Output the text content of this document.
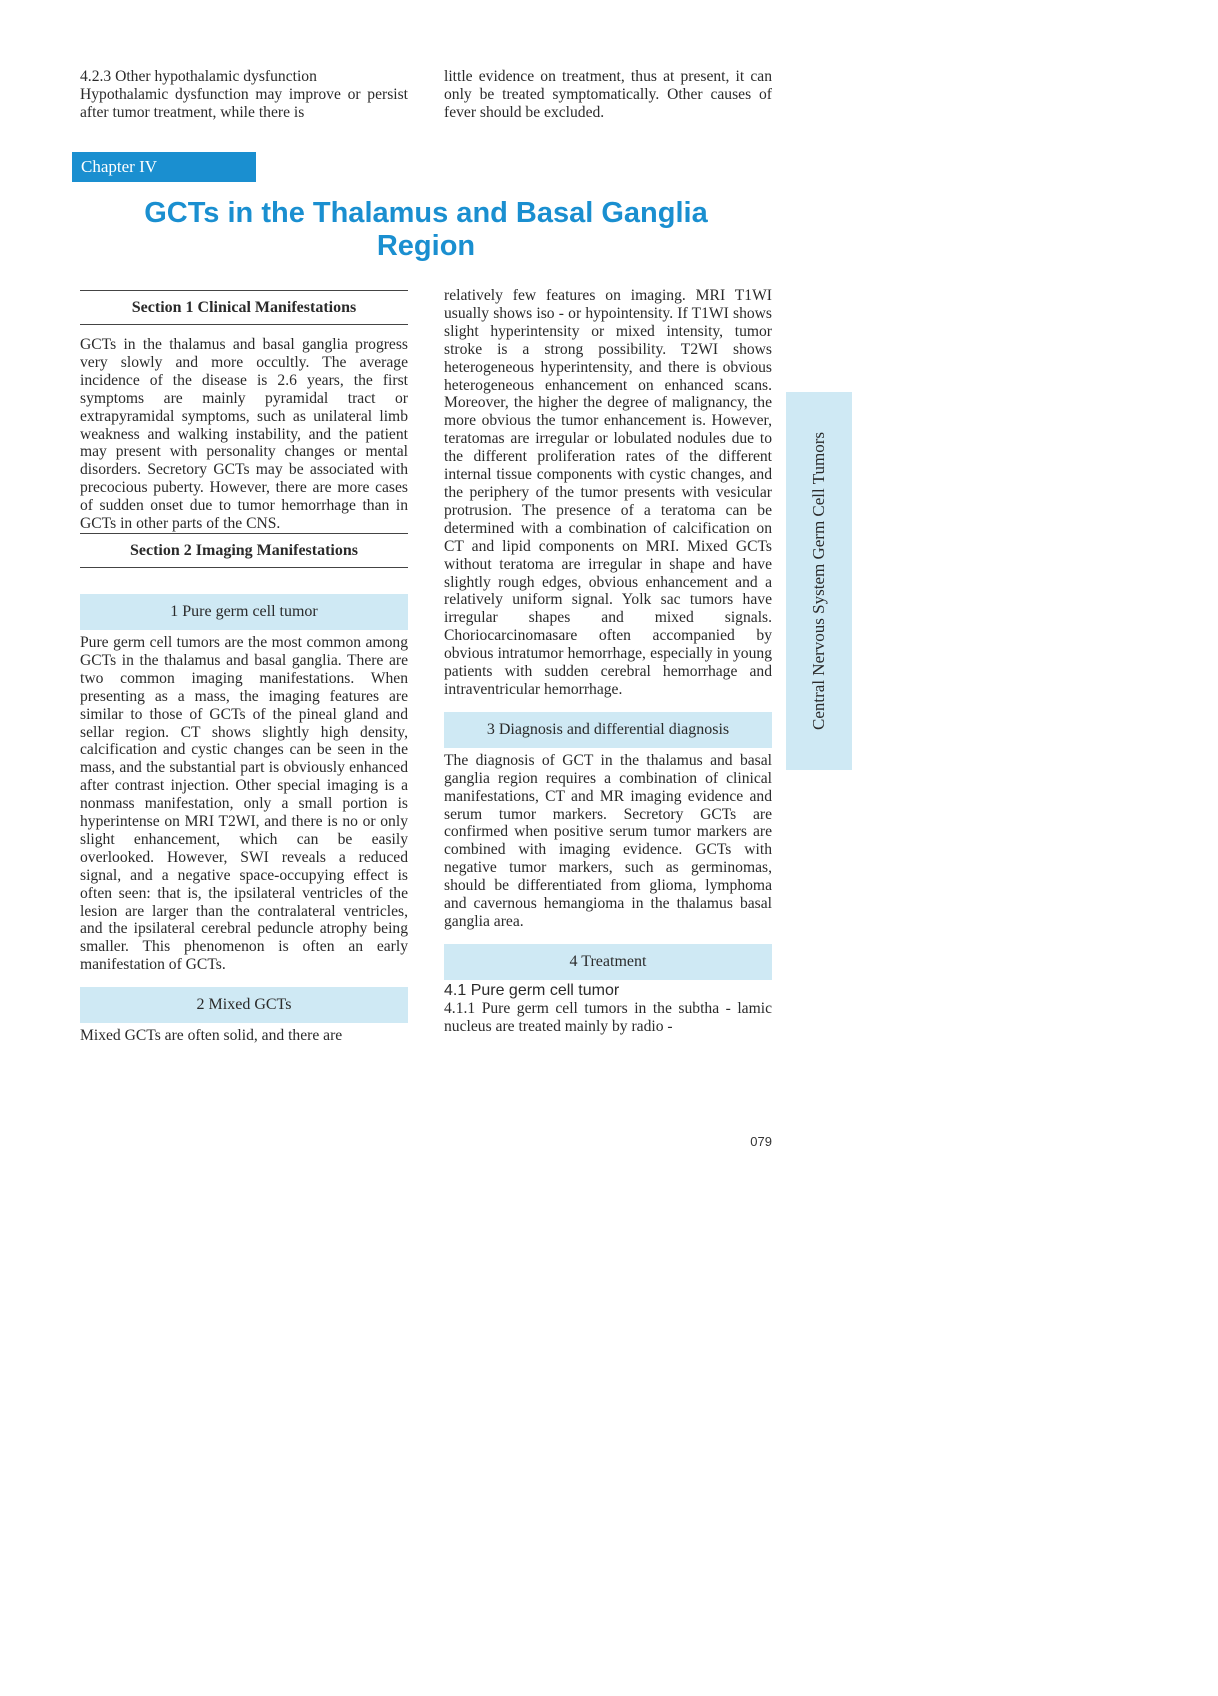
4.2.3 Other hypothalamic dysfunction

Hypothalamic dysfunction may improve or persist after tumor treatment, while there is

little evidence on treatment, thus at present, it can only be treated symptomatically. Other causes of fever should be excluded.

Chapter IV
GCTs in the Thalamus and Basal Ganglia
Region
Section 1 Clinical Manifestations

GCTs in the thalamus and basal ganglia progress very slowly and more occultly. The average incidence of the disease is 2.6 years, the first symptoms are mainly pyramidal tract or extrapyramidal symptoms, such as unilateral limb weakness and walking instability, and the patient may present with personality changes or mental disorders. Secretory GCTs may be associated with precocious puberty. However, there are more cases of sudden onset due to tumor hemorrhage than in GCTs in other parts of the CNS.

Section 2 Imaging Manifestations
1 Pure germ cell tumor

Pure germ cell tumors are the most common among GCTs in the thalamus and basal ganglia. There are two common imaging manifestations. When presenting as a mass, the imaging features are similar to those of GCTs of the pineal gland and sellar region. CT shows slightly high density, calcification and cystic changes can be seen in the mass, and the substantial part is obviously enhanced after contrast injection. Other special imaging is a nonmass manifestation, only a small portion is hyperintense on MRI T2WI, and there is no or only slight enhancement, which can be easily overlooked. However, SWI reveals a reduced signal, and a negative space-occupying effect is often seen: that is, the ipsilateral ventricles of the lesion are larger than the contralateral ventricles, and the ipsilateral cerebral peduncle atrophy being smaller. This phenomenon is often an early manifestation of GCTs.

2 Mixed GCTs

Mixed GCTs are often solid, and there are

relatively few features on imaging. MRI T1WI usually shows iso - or hypointensity. If T1WI shows slight hyperintensity or mixed intensity, tumor stroke is a strong possibility. T2WI shows heterogeneous hyperintensity, and there is obvious heterogeneous enhancement on enhanced scans. Moreover, the higher the degree of malignancy, the more obvious the tumor enhancement is. However, teratomas are irregular or lobulated nodules due to the different proliferation rates of the different internal tissue components with cystic changes, and the periphery of the tumor presents with vesicular protrusion. The presence of a teratoma can be determined with a combination of calcification on CT and lipid components on MRI. Mixed GCTs without teratoma are irregular in shape and have slightly rough edges, obvious enhancement and a relatively uniform signal. Yolk sac tumors have irregular shapes and mixed signals. Choriocarcinomasare often accompanied by obvious intratumor hemorrhage, especially in young patients with sudden cerebral hemorrhage and intraventricular hemorrhage.

3 Diagnosis and differential diagnosis

The diagnosis of GCT in the thalamus and basal ganglia region requires a combination of clinical manifestations, CT and MR imaging evidence and serum tumor markers. Secretory GCTs are confirmed when positive serum tumor markers are combined with imaging evidence. GCTs with negative tumor markers, such as germinomas, should be differentiated from glioma, lymphoma and cavernous hemangioma in the thalamus basal ganglia area.

4 Treatment

4.1 Pure germ cell tumor

4.1.1 Pure germ cell tumors in the subtha - lamic nucleus are treated mainly by radio -

Central Nervous System Germ Cell Tumors
079
